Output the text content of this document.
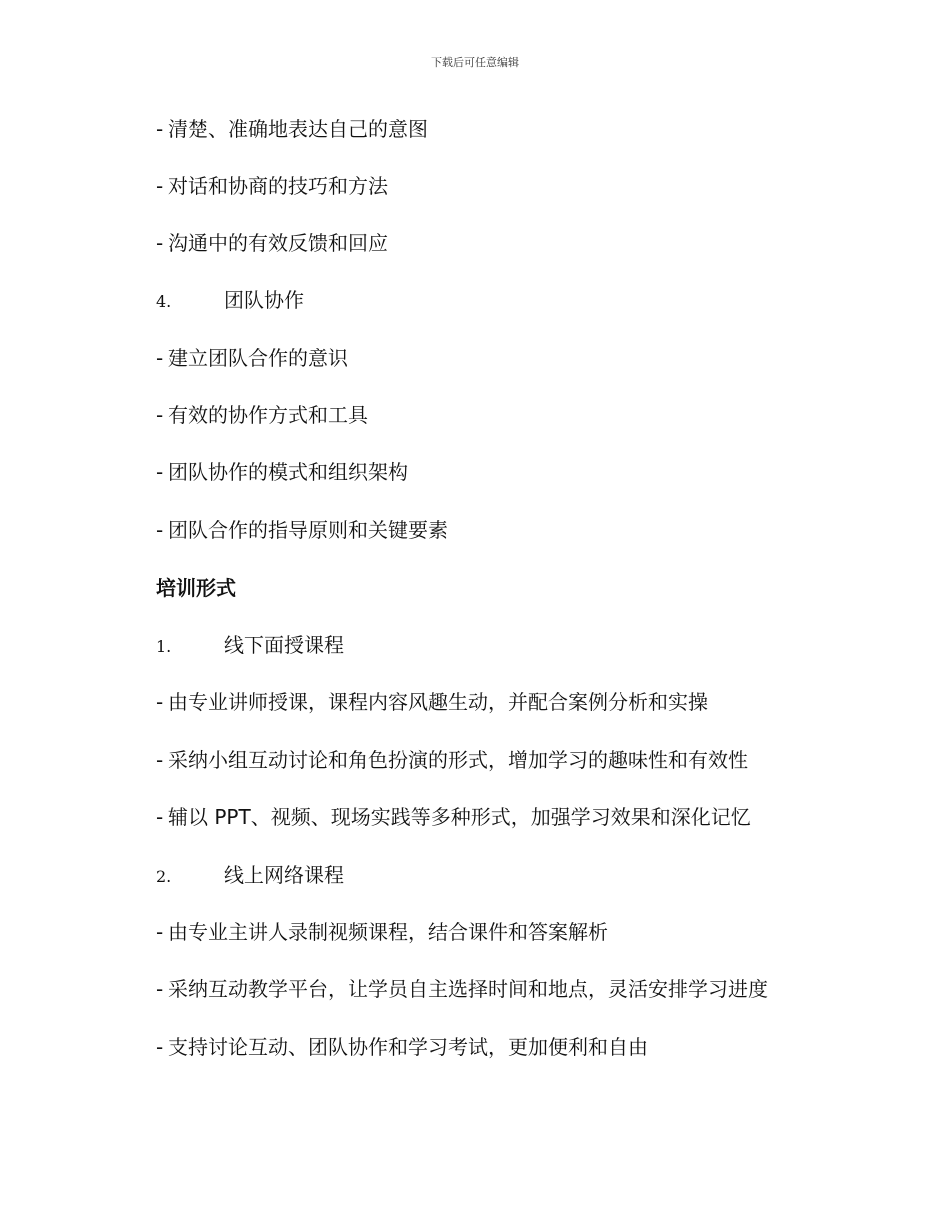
下载后可任意编辑
- 清楚、准确地表达自己的意图
- 对话和协商的技巧和方法
- 沟通中的有效反馈和回应
4.	团队协作
- 建立团队合作的意识
- 有效的协作方式和工具
- 团队协作的模式和组织架构
- 团队合作的指导原则和关键要素
培训形式
1.	线下面授课程
- 由专业讲师授课，课程内容风趣生动，并配合案例分析和实操
- 采纳小组互动讨论和角色扮演的形式，增加学习的趣味性和有效性
- 辅以 PPT、视频、现场实践等多种形式，加强学习效果和深化记忆
2.	线上网络课程
- 由专业主讲人录制视频课程，结合课件和答案解析
- 采纳互动教学平台，让学员自主选择时间和地点，灵活安排学习进度
- 支持讨论互动、团队协作和学习考试，更加便利和自由
